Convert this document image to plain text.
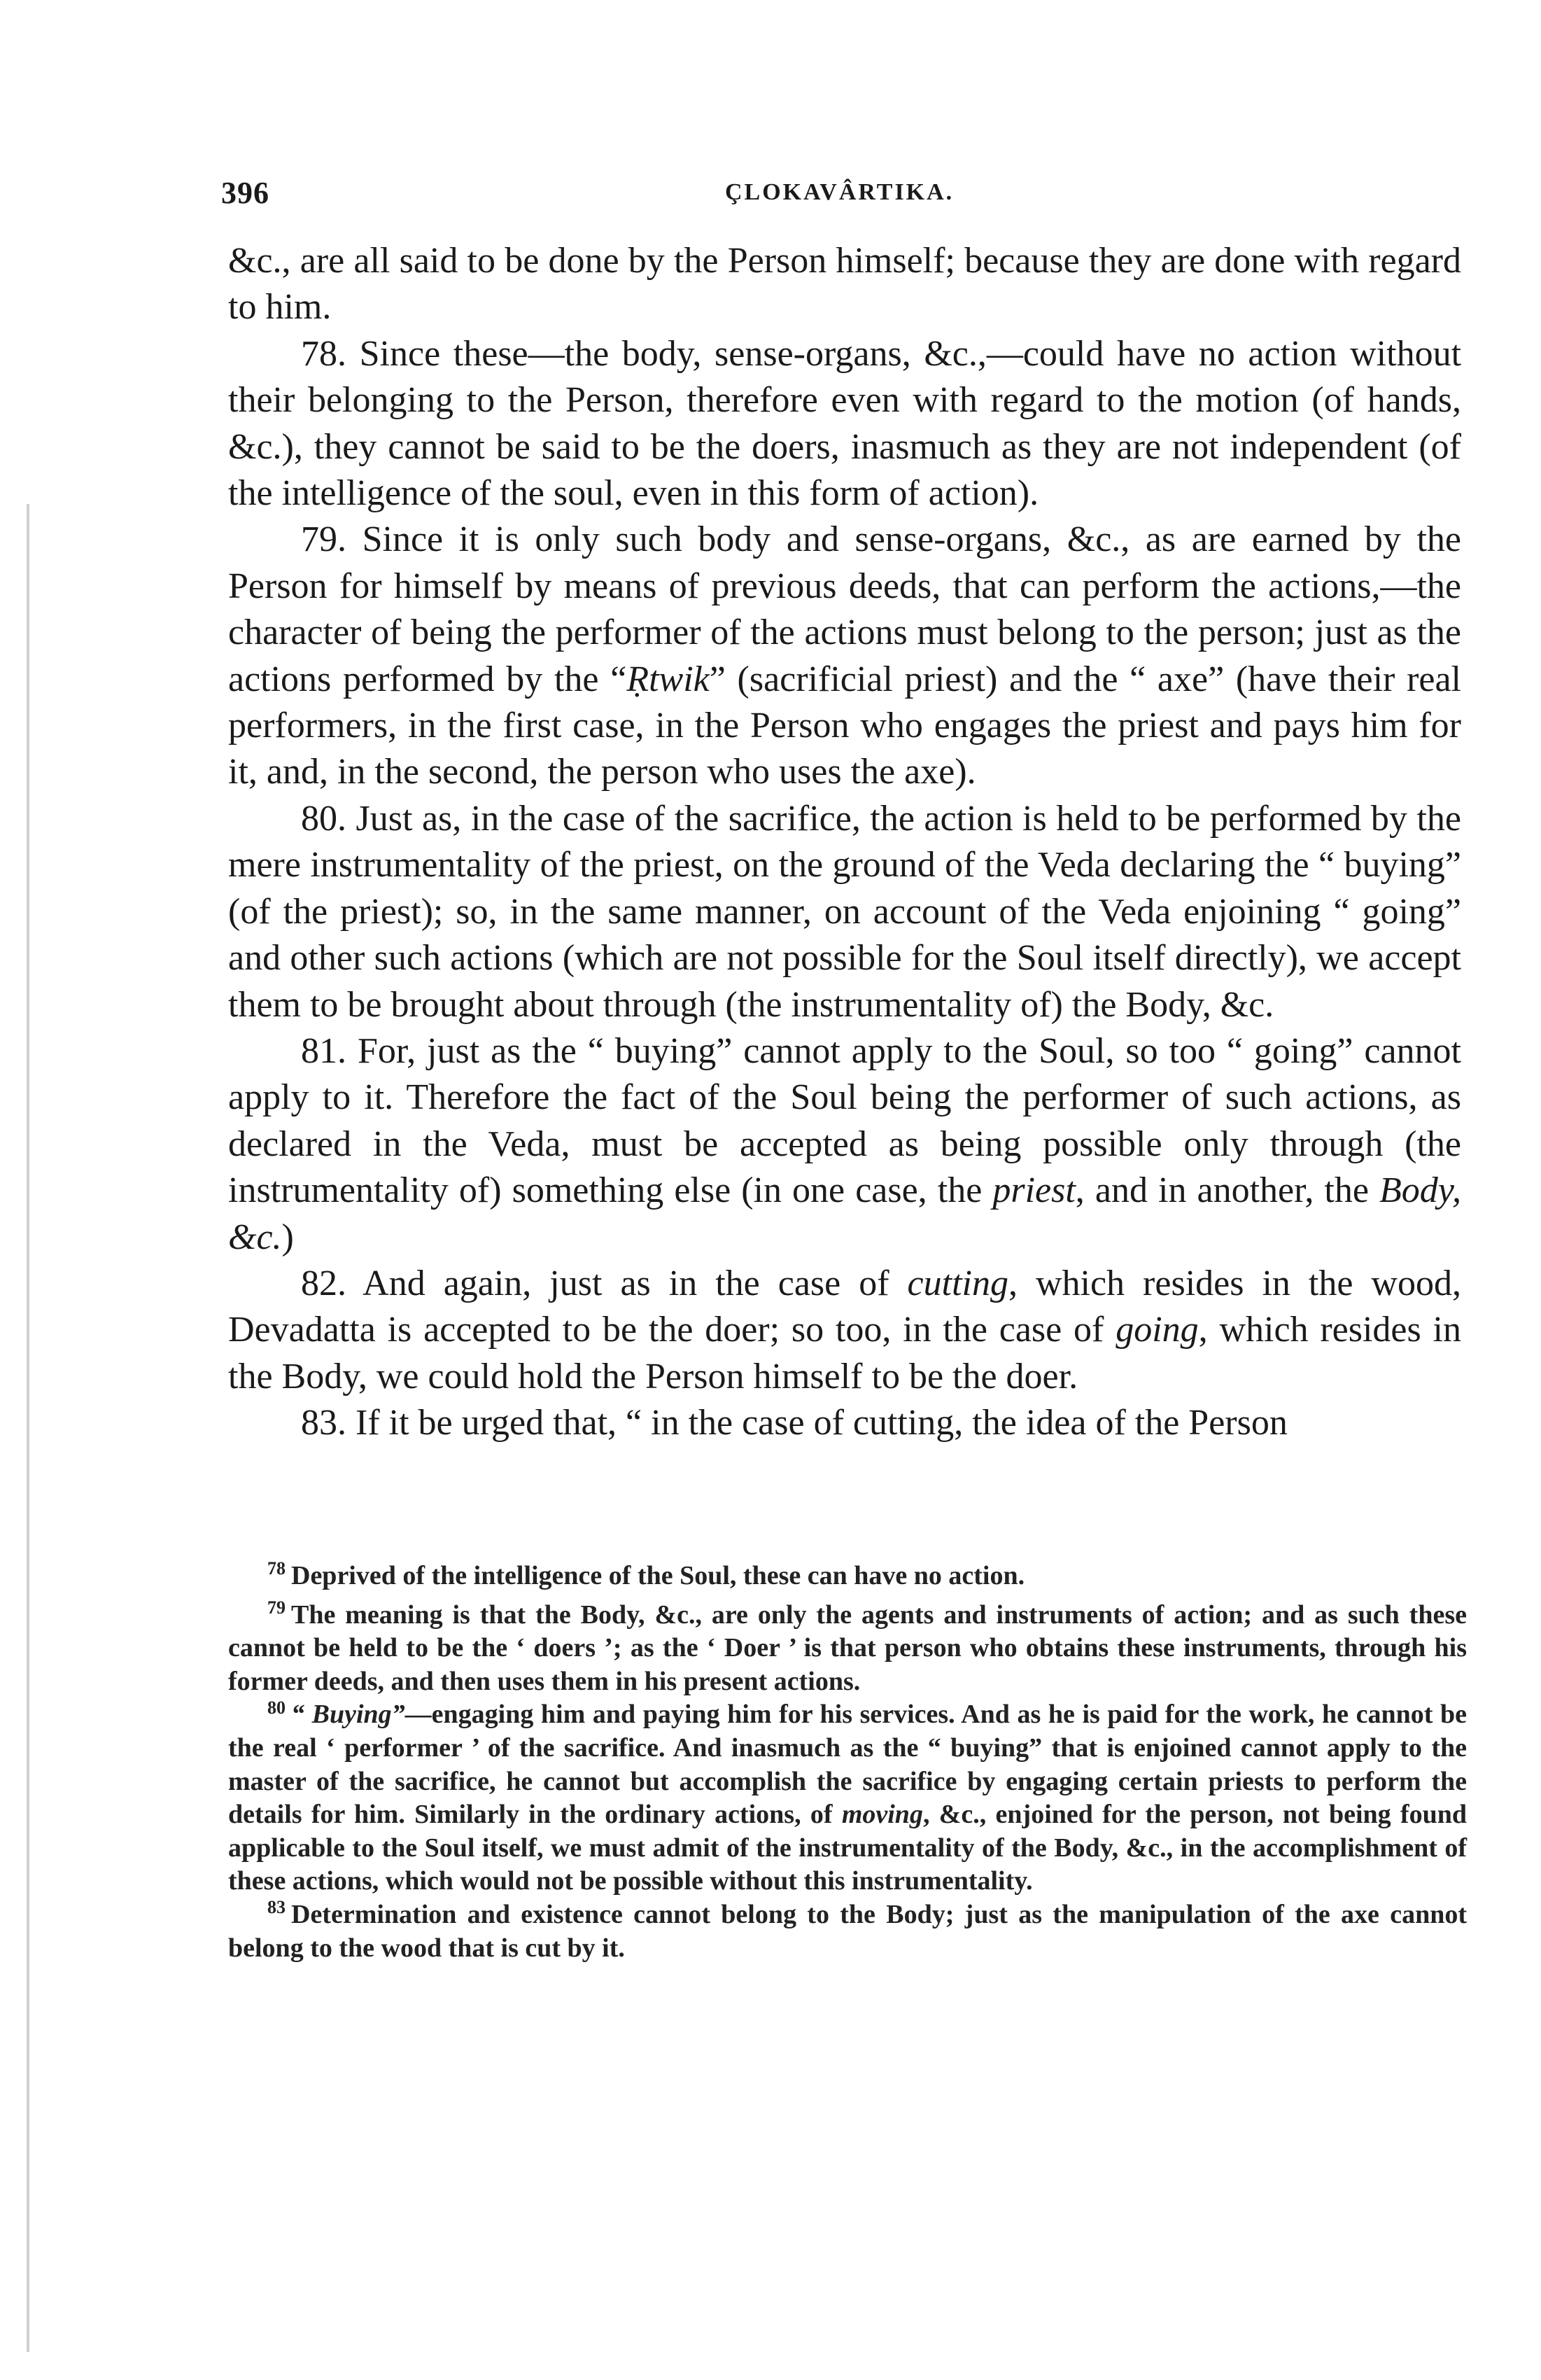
396	ÇLOKAVÂRTIKA.

&c., are all said to be done by the Person himself; because they are done with regard to him.

78. Since these—the body, sense-organs, &c.,—could have no action without their belonging to the Person, therefore even with regard to the motion (of hands, &c.), they cannot be said to be the doers, inasmuch as they are not independent (of the intelligence of the soul, even in this form of action).

79. Since it is only such body and sense-organs, &c., as are earned by the Person for himself by means of previous deeds, that can perform the actions,—the character of being the performer of the actions must belong to the person; just as the actions performed by the “Ṛtwik” (sacrificial priest) and the “ axe” (have their real performers, in the first case, in the Person who engages the priest and pays him for it, and, in the second, the person who uses the axe).

80. Just as, in the case of the sacrifice, the action is held to be performed by the mere instrumentality of the priest, on the ground of the Veda declaring the “ buying” (of the priest); so, in the same manner, on account of the Veda enjoining “ going” and other such actions (which are not possible for the Soul itself directly), we accept them to be brought about through (the instrumentality of) the Body, &c.

81. For, just as the “ buying” cannot apply to the Soul, so too “ going” cannot apply to it. Therefore the fact of the Soul being the performer of such actions, as declared in the Veda, must be accepted as being possible only through (the instrumentality of) something else (in one case, the priest, and in another, the Body, &c.)

82. And again, just as in the case of cutting, which resides in the wood, Devadatta is accepted to be the doer; so too, in the case of going, which resides in the Body, we could hold the Person himself to be the doer.

83. If it be urged that, “ in the case of cutting, the idea of the Person

$^{78}$ Deprived of the intelligence of the Soul, these can have no action.

$^{79}$ The meaning is that the Body, &c., are only the agents and instruments of action; and as such these cannot be held to be the ‘ doers ’; as the ‘ Doer ’ is that person who obtains these instruments, through his former deeds, and then uses them in his present actions.

$^{80}$ “ Buying”—engaging him and paying him for his services. And as he is paid for the work, he cannot be the real ‘ performer ’ of the sacrifice. And inasmuch as the “ buying” that is enjoined cannot apply to the master of the sacrifice, he cannot but accomplish the sacrifice by engaging certain priests to perform the details for him. Similarly in the ordinary actions, of moving, &c., enjoined for the person, not being found applicable to the Soul itself, we must admit of the instrumentality of the Body, &c., in the accomplishment of these actions, which would not be possible without this instrumentality.

$^{83}$ Determination and existence cannot belong to the Body; just as the manipulation of the axe cannot belong to the wood that is cut by it.
